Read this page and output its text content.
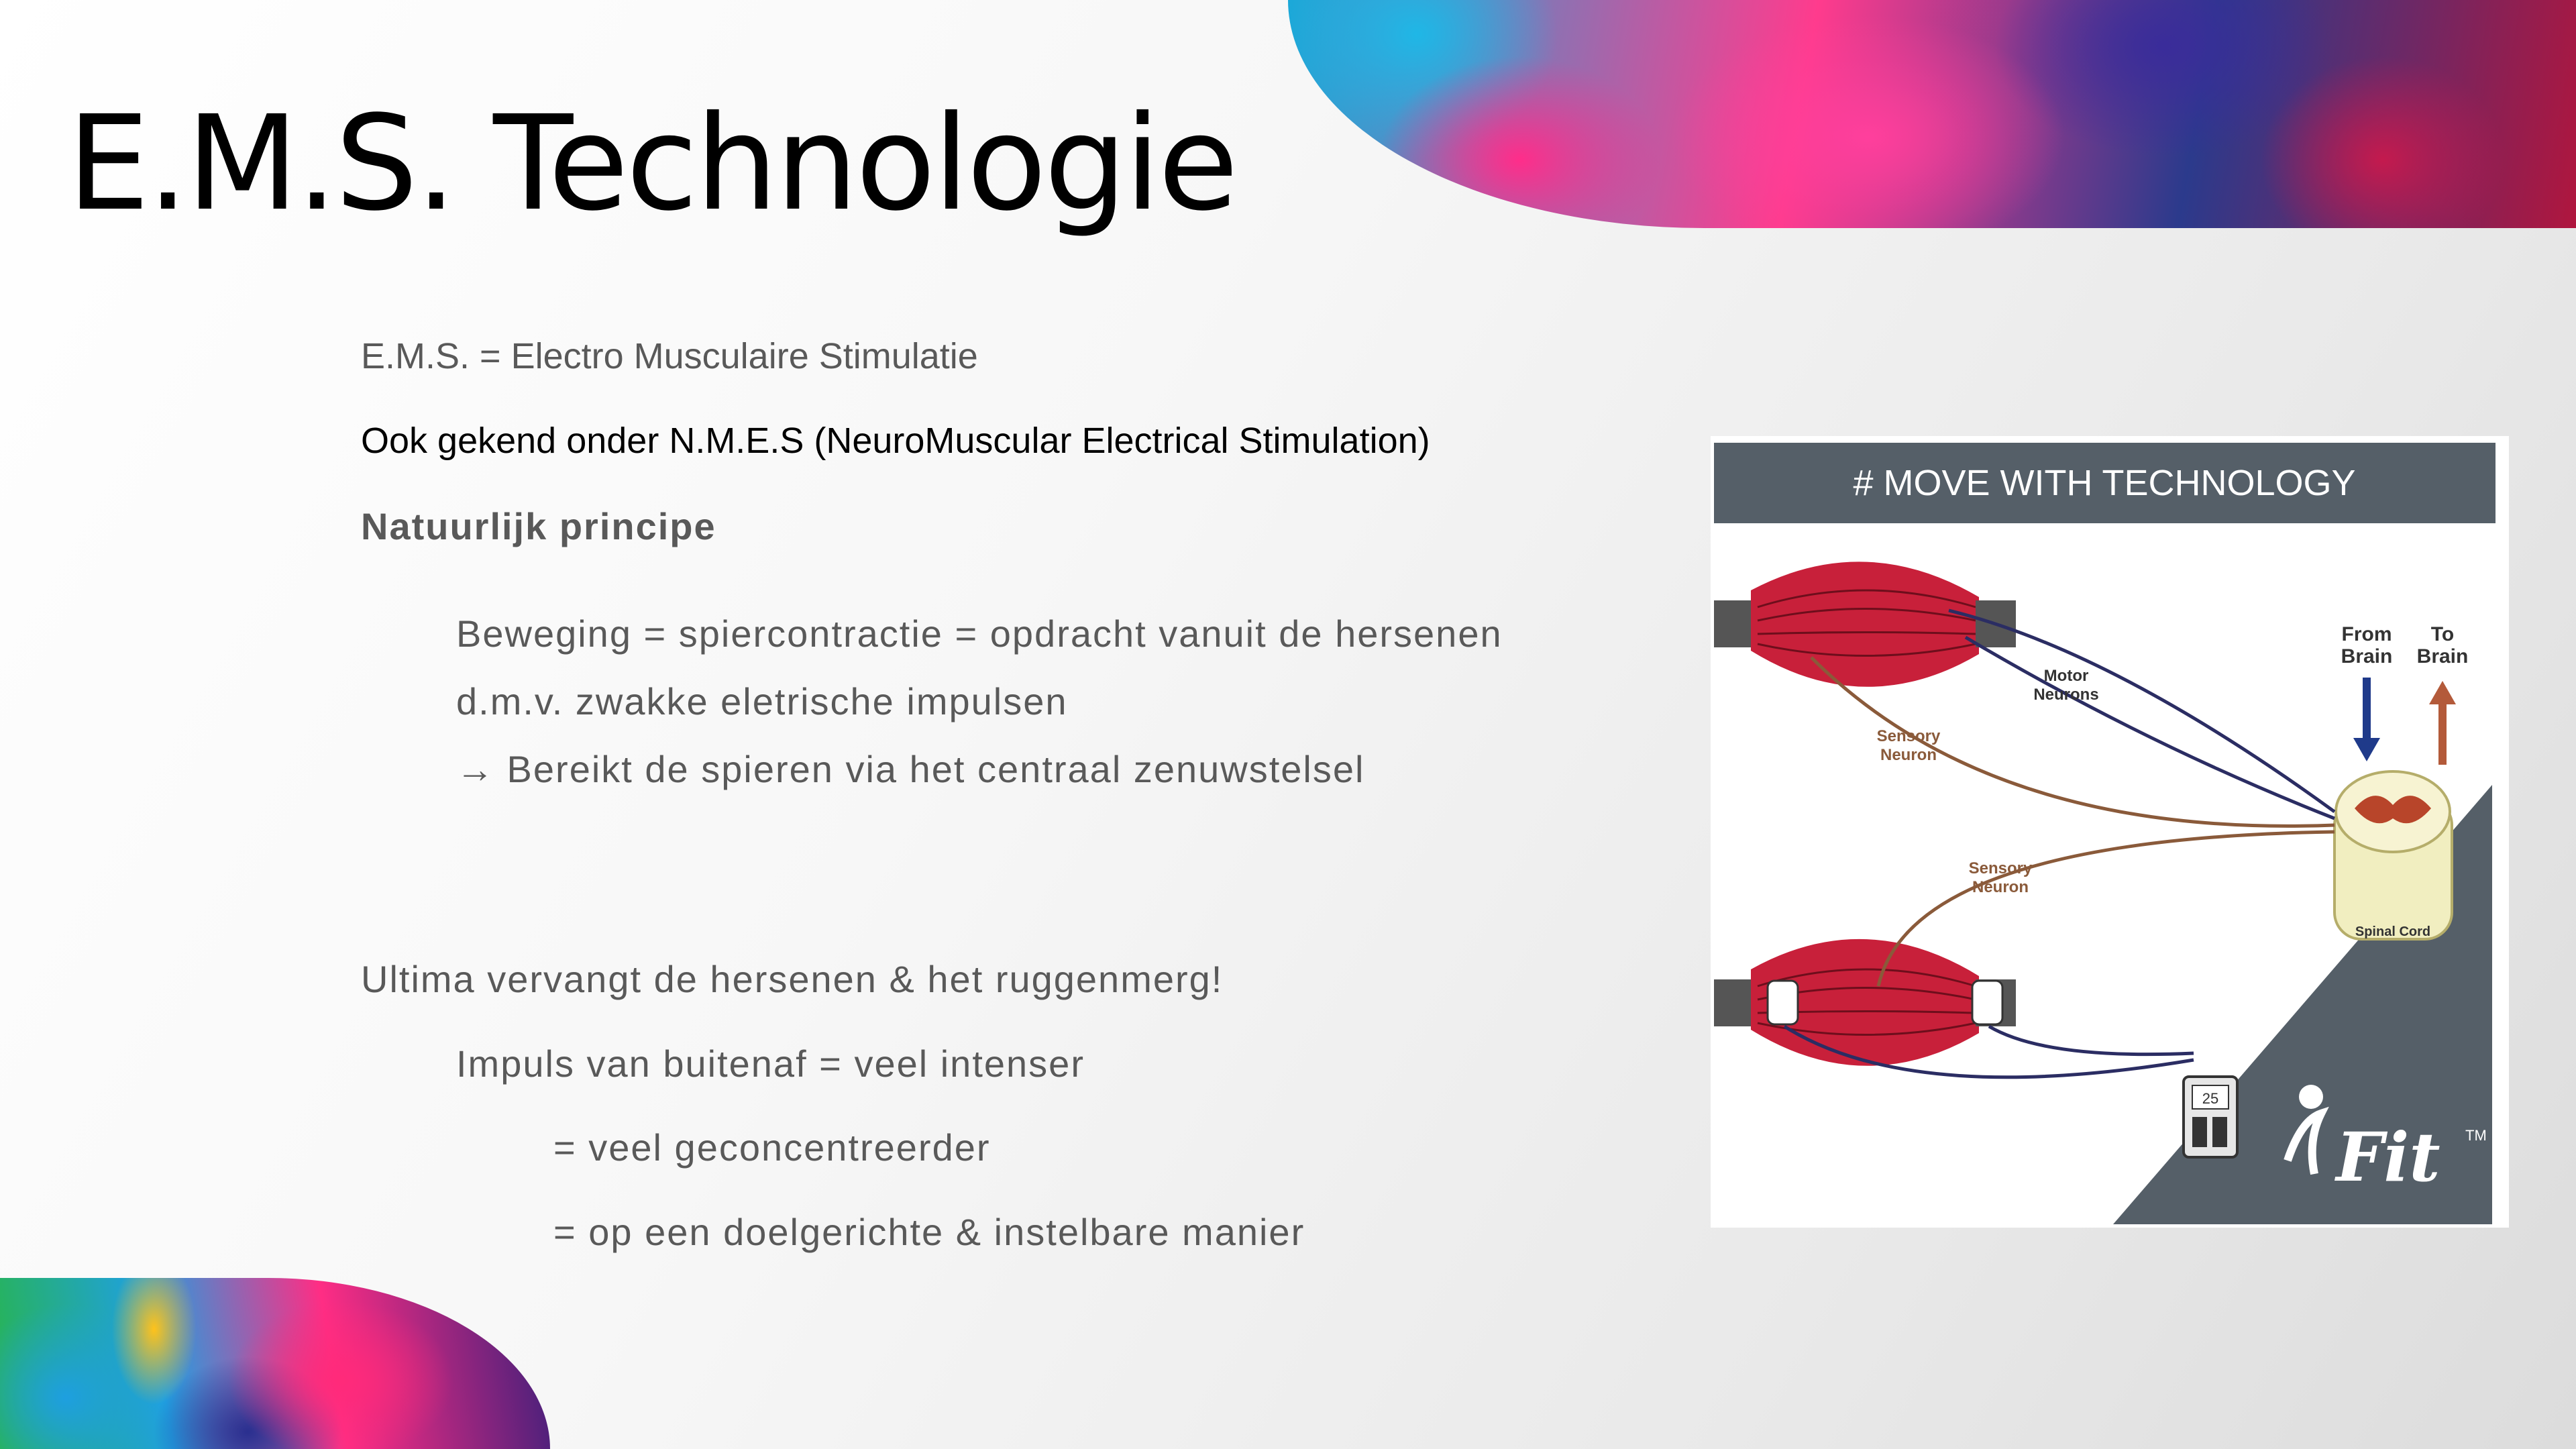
E.M.S. Technologie
E.M.S. = Electro Musculaire Stimulatie
Ook gekend onder N.M.E.S (NeuroMuscular Electrical Stimulation)
Natuurlijk principe
Beweging = spiercontractie = opdracht vanuit de hersenen
d.m.v. zwakke eletrische impulsen
→ Bereikt de spieren via het centraal zenuwstelsel
Ultima vervangt de hersenen & het ruggenmerg!
Impuls van buitenaf = veel intenser
= veel geconcentreerder
= op een doelgerichte & instelbare manier
# MOVE WITH TECHNOLOGY
From
Brain
To
Brain
Motor
Neurons
Sensory
Neuron
Sensory
Neuron
Spinal Cord
EMS
25
Fit TM
